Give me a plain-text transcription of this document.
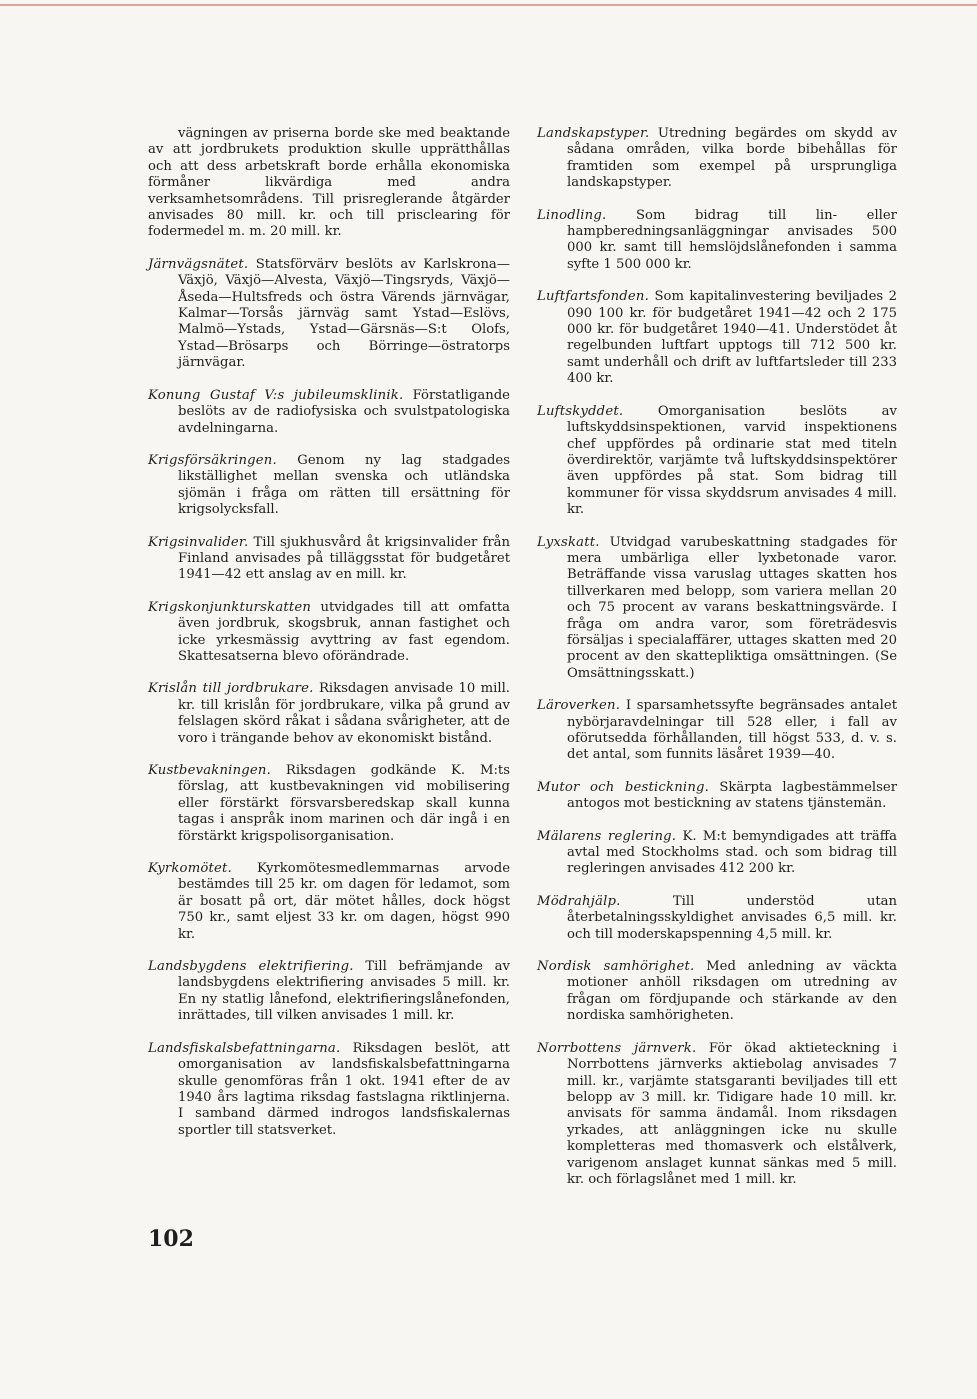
vägningen av priserna borde ske med beaktande av att jordbrukets produktion skulle upprätthållas och att dess arbetskraft borde erhålla ekonomiska förmåner likvärdiga med andra verksamhetsområdens. Till prisreglerande åtgärder anvisades 80 mill. kr. och till prisclearing för fodermedel m. m. 20 mill. kr.

Järnvägsnätet. Statsförvärv beslöts av Karlskrona—Växjö, Växjö—Alvesta, Växjö—Tingsryds, Växjö—Åseda—Hultsfreds och östra Värends järnvägar, Kalmar—Torsås järnväg samt Ystad—Eslövs, Malmö—Ystads, Ystad—Gärsnäs—S:t Olofs, Ystad—Brösarps och Börringe—östratorps järnvägar.

Konung Gustaf V:s jubileumsklinik. Förstatligande beslöts av de radiofysiska och svulstpatologiska avdelningarna.

Krigsförsäkringen. Genom ny lag stadgades likställighet mellan svenska och utländska sjömän i fråga om rätten till ersättning för krigsolycksfall.

Krigsinvalider. Till sjukhusvård åt krigsinvalider från Finland anvisades på tilläggsstat för budgetåret 1941—42 ett anslag av en mill. kr.

Krigskonjunkturskatten utvidgades till att omfatta även jordbruk, skogsbruk, annan fastighet och icke yrkesmässig avyttring av fast egendom. Skattesatserna blevo oförändrade.

Krislån till jordbrukare. Riksdagen anvisade 10 mill. kr. till krislån för jordbrukare, vilka på grund av felslagen skörd råkat i sådana svårigheter, att de voro i trängande behov av ekonomiskt bistånd.

Kustbevakningen. Riksdagen godkände K. M:ts förslag, att kustbevakningen vid mobilisering eller förstärkt försvarsberedskap skall kunna tagas i anspråk inom marinen och där ingå i en förstärkt krigspolisorganisation.

Kyrkomötet. Kyrkomötesmedlemmarnas arvode bestämdes till 25 kr. om dagen för ledamot, som är bosatt på ort, där mötet hålles, dock högst 750 kr., samt eljest 33 kr. om dagen, högst 990 kr.

Landsbygdens elektrifiering. Till befrämjande av landsbygdens elektrifiering anvisades 5 mill. kr. En ny statlig lånefond, elektrifieringslånefonden, inrättades, till vilken anvisades 1 mill. kr.

Landsfiskalsbefattningarna. Riksdagen beslöt, att omorganisation av landsfiskalsbefattningarna skulle genomföras från 1 okt. 1941 efter de av 1940 års lagtima riksdag fastslagna riktlinjerna. I samband därmed indrogos landsfiskalernas sportler till statsverket.

Landskapstyper. Utredning begärdes om skydd av sådana områden, vilka borde bibehållas för framtiden som exempel på ursprungliga landskapstyper.

Linodling. Som bidrag till lin- eller hampberedningsanläggningar anvisades 500 000 kr. samt till hemslöjdslånefonden i samma syfte 1 500 000 kr.

Luftfartsfonden. Som kapitalinvestering beviljades 2 090 100 kr. för budgetåret 1941—42 och 2 175 000 kr. för budgetåret 1940—41. Understödet åt regelbunden luftfart upptogs till 712 500 kr. samt underhåll och drift av luftfartsleder till 233 400 kr.

Luftskyddet.	Omorganisation beslöts av luftskyddsinspektionen, varvid inspektionens chef uppfördes på ordinarie stat med titeln överdirektör, varjämte två luftskyddsinspektörer även uppfördes på stat. Som bidrag till kommuner för vissa skyddsrum anvisades 4 mill. kr.

Lyxskatt. Utvidgad varubeskattning stadgades för mera umbärliga eller lyxbetonade varor. Beträffande vissa varuslag uttages skatten hos tillverkaren med belopp, som variera mellan 20 och 75 procent av varans beskattningsvärde. I fråga om andra varor, som företrädesvis försäljas i specialaffärer, uttages skatten med 20 procent av den skattepliktiga omsättningen. (Se Omsättningsskatt.)

Läroverken. I sparsamhetssyfte begränsades antalet nybörjaravdelningar till 528 eller, i fall av oförutsedda förhållanden, till högst 533, d. v. s. det antal, som funnits läsåret 1939—40.

Mutor och bestickning. Skärpta lagbestämmelser antogos mot bestickning av statens tjänstemän.

Mälarens reglering. K. M:t bemyndigades att träffa avtal med Stockholms stad. och som bidrag till regleringen anvisades 412 200 kr.

Mödrahjälp.	Till understöd utan återbetalningsskyldighet anvisades 6,5 mill. kr. och till moderskapspenning 4,5 mill. kr.

Nordisk samhörighet. Med anledning av väckta motioner anhöll riksdagen om utredning av frågan om fördjupande och stärkande av den nordiska samhörigheten.

Norrbottens järnverk. För ökad aktieteckning i Norrbottens järnverks aktiebolag anvisades 7 mill. kr., varjämte statsgaranti beviljades till ett belopp av 3 mill. kr. Tidigare hade 10 mill. kr. anvisats för samma ändamål. Inom riksdagen yrkades, att anläggningen icke nu skulle kompletteras med thomasverk och elstålverk, varigenom anslaget kunnat sänkas med 5 mill. kr. och förlagslånet med 1 mill. kr.

102
